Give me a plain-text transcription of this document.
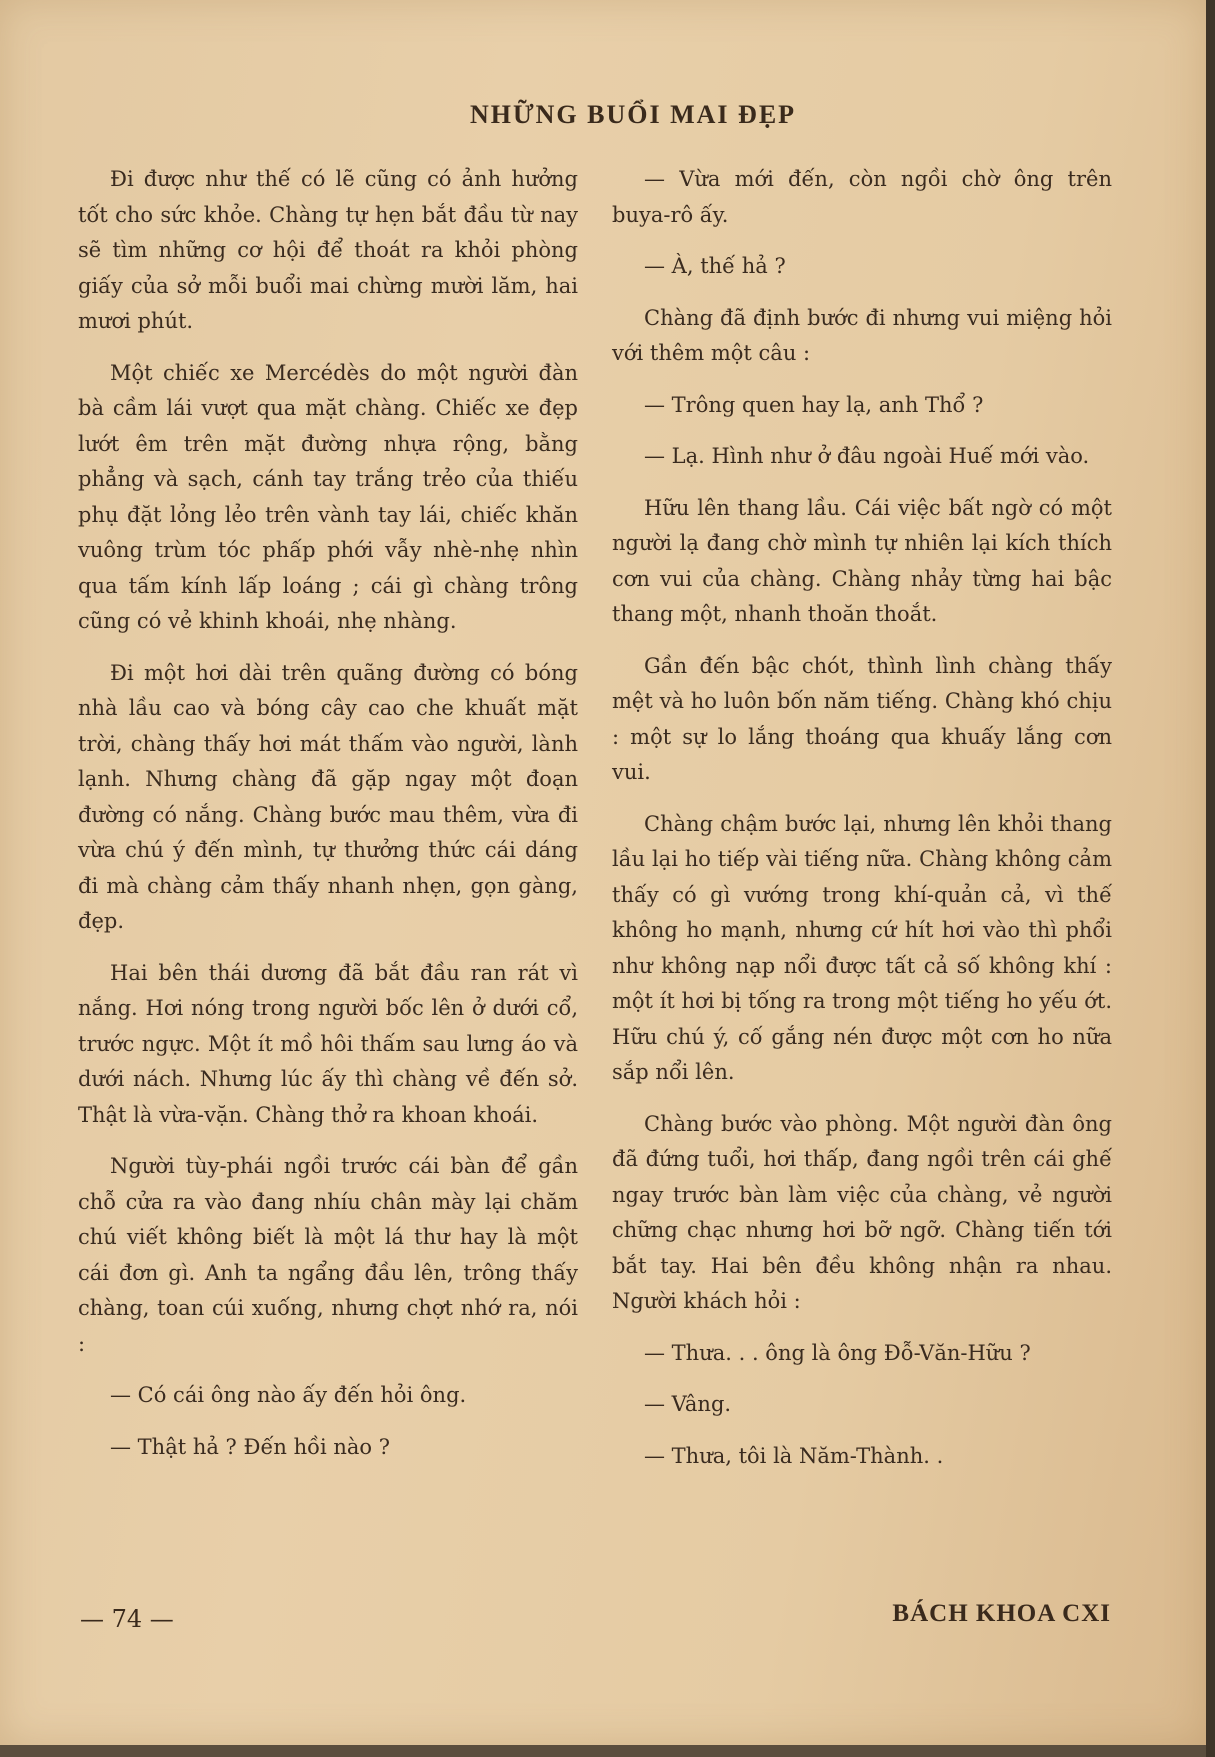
NHỮNG BUỔI MAI ĐẸP

Đi được như thế có lẽ cũng có ảnh hưởng tốt cho sức khỏe. Chàng tự hẹn bắt đầu từ nay sẽ tìm những cơ hội để thoát ra khỏi phòng giấy của sở mỗi buổi mai chừng mười lăm, hai mươi phút.

Một chiếc xe Mercédès do một người đàn bà cầm lái vượt qua mặt chàng. Chiếc xe đẹp lướt êm trên mặt đường nhựa rộng, bằng phẳng và sạch, cánh tay trắng trẻo của thiếu phụ đặt lỏng lẻo trên vành tay lái, chiếc khăn vuông trùm tóc phấp phới vẫy nhè-nhẹ nhìn qua tấm kính lấp loáng ; cái gì chàng trông cũng có vẻ khinh khoái, nhẹ nhàng.

Đi một hơi dài trên quãng đường có bóng nhà lầu cao và bóng cây cao che khuất mặt trời, chàng thấy hơi mát thấm vào người, lành lạnh. Nhưng chàng đã gặp ngay một đoạn đường có nắng. Chàng bước mau thêm, vừa đi vừa chú ý đến mình, tự thưởng thức cái dáng đi mà chàng cảm thấy nhanh nhẹn, gọn gàng, đẹp.

Hai bên thái dương đã bắt đầu ran rát vì nắng. Hơi nóng trong người bốc lên ở dưới cổ, trước ngực. Một ít mồ hôi thấm sau lưng áo và dưới nách. Nhưng lúc ấy thì chàng về đến sở. Thật là vừa-vặn. Chàng thở ra khoan khoái.

Người tùy-phái ngồi trước cái bàn để gần chỗ cửa ra vào đang nhíu chân mày lại chăm chú viết không biết là một lá thư hay là một cái đơn gì. Anh ta ngẩng đầu lên, trông thấy chàng, toan cúi xuống, nhưng chợt nhớ ra, nói :

— Có cái ông nào ấy đến hỏi ông.

— Thật hả ? Đến hồi nào ?

— Vừa mới đến, còn ngồi chờ ông trên buya-rô ấy.

— À, thế hả ?

Chàng đã định bước đi nhưng vui miệng hỏi với thêm một câu :

— Trông quen hay lạ, anh Thổ ?

— Lạ. Hình như ở đâu ngoài Huế mới vào.

Hữu lên thang lầu. Cái việc bất ngờ có một người lạ đang chờ mình tự nhiên lại kích thích cơn vui của chàng. Chàng nhảy từng hai bậc thang một, nhanh thoăn thoắt.

Gần đến bậc chót, thình lình chàng thấy mệt và ho luôn bốn năm tiếng. Chàng khó chịu : một sự lo lắng thoáng qua khuấy lắng cơn vui.

Chàng chậm bước lại, nhưng lên khỏi thang lầu lại ho tiếp vài tiếng nữa. Chàng không cảm thấy có gì vướng trong khí-quản cả, vì thế không ho mạnh, nhưng cứ hít hơi vào thì phổi như không nạp nổi được tất cả số không khí : một ít hơi bị tống ra trong một tiếng ho yếu ớt. Hữu chú ý, cố gắng nén được một cơn ho nữa sắp nổi lên.

Chàng bước vào phòng. Một người đàn ông đã đứng tuổi, hơi thấp, đang ngồi trên cái ghế ngay trước bàn làm việc của chàng, vẻ người chững chạc nhưng hơi bỡ ngỡ. Chàng tiến tới bắt tay. Hai bên đều không nhận ra nhau. Người khách hỏi :

— Thưa. . . ông là ông Đỗ-Văn-Hữu ?

— Vâng.

— Thưa, tôi là Năm-Thành. .

— 74 —	BÁCH KHOA CXI
